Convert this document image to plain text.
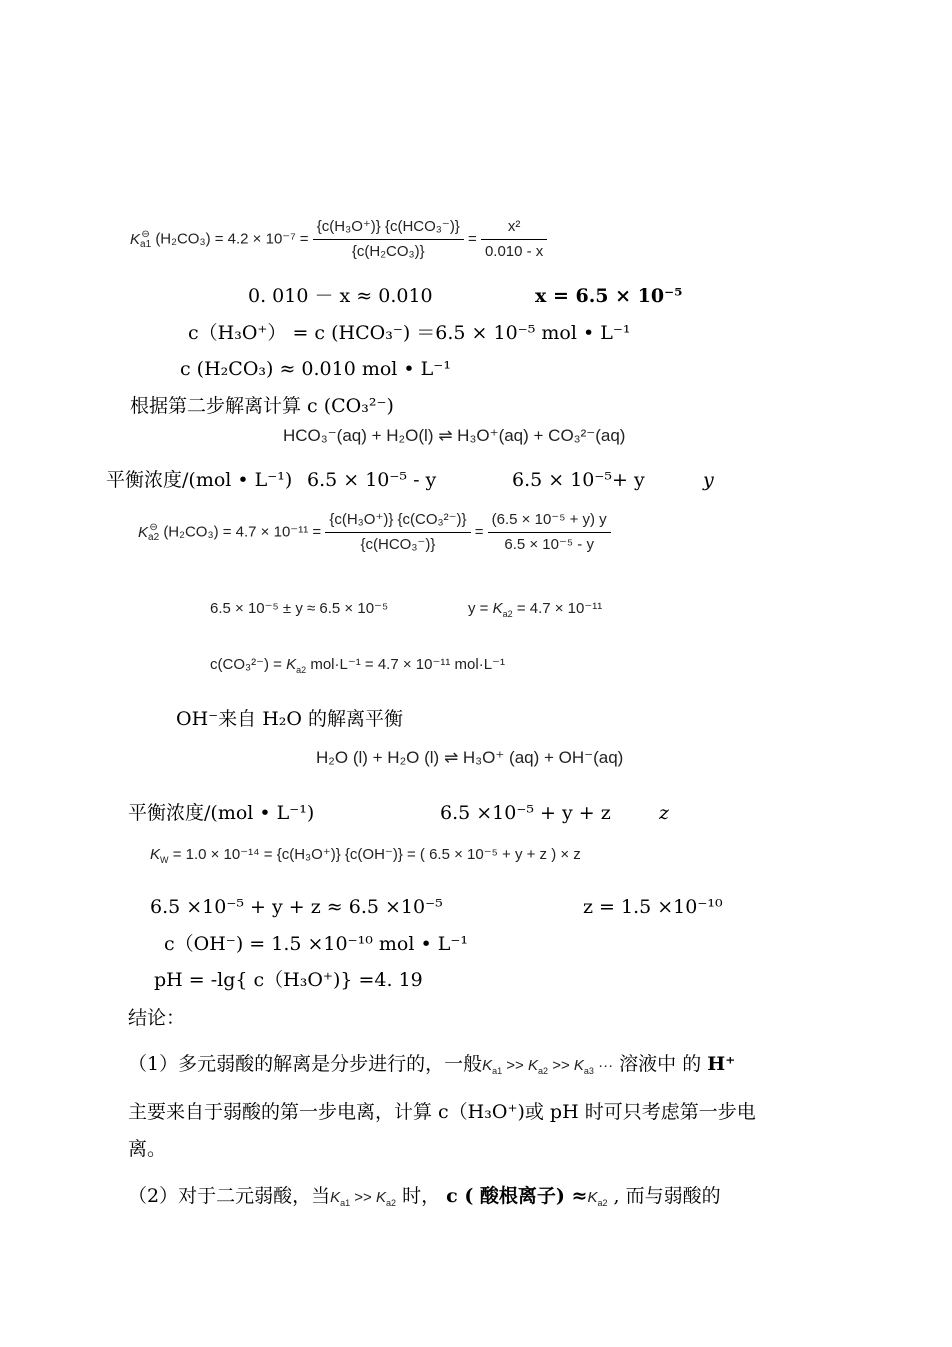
K ⊖
a1 $(H_2CO_3) = 4.2 \times 10^{-7} = \frac{\text{\{c(H₃O⁺)\} \{c(HCO₃⁻)\}}}{\text{\{c(H₂CO₃)\}}} = \frac{\text{x²}}{0.010 - x}$
0. 010 － x ≈ 0.010	x = 6.5 × 10⁻⁵
c（H₃O⁺） = c (HCO₃⁻) ＝6.5 × 10⁻⁵ mol • L⁻¹
c (H₂CO₃) ≈ 0.010 mol • L⁻¹
根据第二步解离计算 c (CO₃²⁻)
HCO₃⁻(aq) + H₂O(l) ⇌ H₃O⁺(aq) + CO₃²⁻(aq)
平衡浓度/(mol • L⁻¹) 6.5 × 10⁻⁵ - y	6.5 × 10⁻⁵+ y	y
K ⊖
a2 $(H_2CO_3) = 4.7 \times 10^{-11} = \frac{\text{\{c(H₃O⁺)\} \{c(CO₃²⁻)\}}}{\text{\{c(HCO₃⁻)\}}} = \frac{\text{(6.5 × 10⁻⁵ + y) y}}{\text{6.5 × 10⁻⁵ - y}}$
6.5 × 10⁻⁵ ± y ≈ 6.5 × 10⁻⁵	$y = K_{a2} = 4.7 \times 10^{-11}$
$c(CO_3^{2-}) = K_{a2}$ mol·L⁻¹ = 4.7 × 10⁻¹¹ mol·L⁻¹
OH⁻来自 H₂O 的解离平衡
H₂O (l) + H₂O (l) ⇌ H₃O⁺ (aq) + OH⁻(aq)
平衡浓度/(mol • L⁻¹)	6.5 ×10⁻⁵ + y + z	z
$K_W = 1.0 \times 10^{-14} = \{c(H_3O^+)\} \{c(OH^-)\}$ = ( 6.5 × 10⁻⁵ + y + z ) × z
6.5 ×10⁻⁵ + y + z ≈ 6.5 ×10⁻⁵	z = 1.5 ×10⁻¹⁰
c（OH⁻) = 1.5 ×10⁻¹⁰ mol • L⁻¹
pH = -lg{ c（H₃O⁺)} =4. 19
结论：
（1）多元弱酸的解离是分步进行的，一般$K_{a1} >> K_{a2} >> K_{a3}$ ··· 溶液中 的 H⁺
主要来自于弱酸的第一步电离，计算 c（H₃O⁺)或 pH 时可只考虑第一步电
离。
（2）对于二元弱酸，当$K_{a1} >> K_{a2}$ 时， c ( 酸根离子) $\approx K_{a2}$ , 而与弱酸的
